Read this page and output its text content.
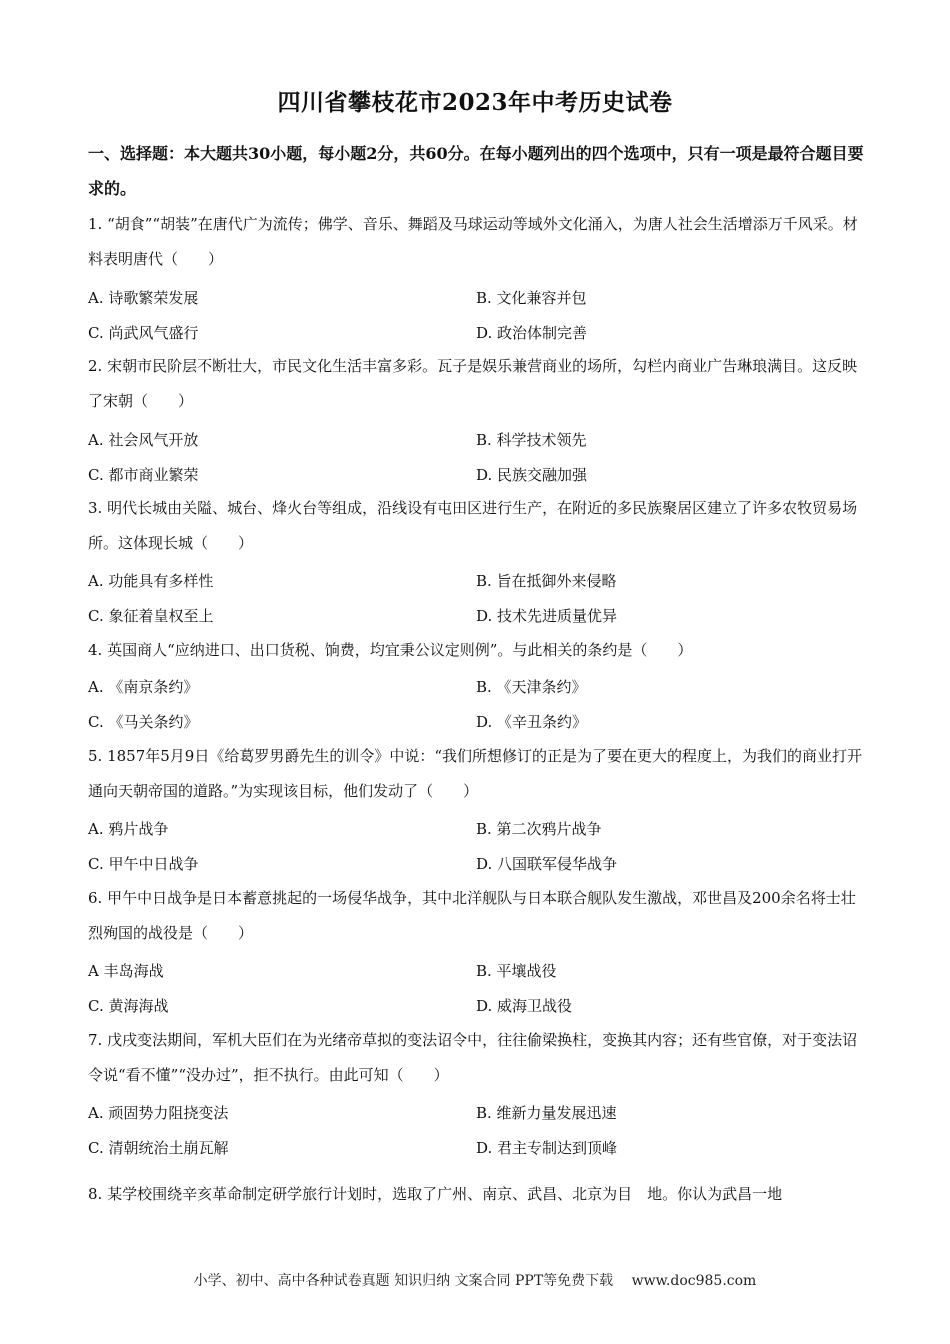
四川省攀枝花市2023年中考历史试卷
一、选择题：本大题共30小题，每小题2分，共60分。在每小题列出的四个选项中，只有一项是最符合题目要求的。
1. “胡食”“胡装”在唐代广为流传；佛学、音乐、舞蹈及马球运动等域外文化涌入，为唐人社会生活增添万千风采。材料表明唐代（　　）
A. 诗歌繁荣发展	B. 文化兼容并包
C. 尚武风气盛行	D. 政治体制完善
2. 宋朝市民阶层不断壮大，市民文化生活丰富多彩。瓦子是娱乐兼营商业的场所，勾栏内商业广告琳琅满目。这反映了宋朝（　　）
A. 社会风气开放	B. 科学技术领先
C. 都市商业繁荣	D. 民族交融加强
3. 明代长城由关隘、城台、烽火台等组成，沿线设有屯田区进行生产，在附近的多民族聚居区建立了许多农牧贸易场所。这体现长城（　　）
A. 功能具有多样性	B. 旨在抵御外来侵略
C. 象征着皇权至上	D. 技术先进质量优异
4. 英国商人“应纳进口、出口货税、饷费，均宜秉公议定则例”。与此相关的条约是（　　）
A. 《南京条约》	B. 《天津条约》
C. 《马关条约》	D. 《辛丑条约》
5. 1857年5月9日《给葛罗男爵先生的训令》中说：“我们所想修订的正是为了要在更大的程度上，为我们的商业打开通向天朝帝国的道路。”为实现该目标，他们发动了（　　）
A. 鸦片战争	B. 第二次鸦片战争
C. 甲午中日战争	D. 八国联军侵华战争
6. 甲午中日战争是日本蓄意挑起的一场侵华战争，其中北洋舰队与日本联合舰队发生激战，邓世昌及200余名将士壮烈殉国的战役是（　　）
A 丰岛海战	B. 平壤战役
C. 黄海海战	D. 威海卫战役
7. 戊戌变法期间，军机大臣们在为光绪帝草拟的变法诏令中，往往偷梁换柱，变换其内容；还有些官僚，对于变法诏令说“看不懂”“没办过”，拒不执行。由此可知（　　）
A. 顽固势力阻挠变法	B. 维新力量发展迅速
C. 清朝统治土崩瓦解	D. 君主专制达到顶峰
8. 某学校围绕辛亥革命制定研学旅行计划时，选取了广州、南京、武昌、北京为目　地。你认为武昌一地
小学、初中、高中各种试卷真题 知识归纳 文案合同 PPT等免费下载　 www.doc985.com
